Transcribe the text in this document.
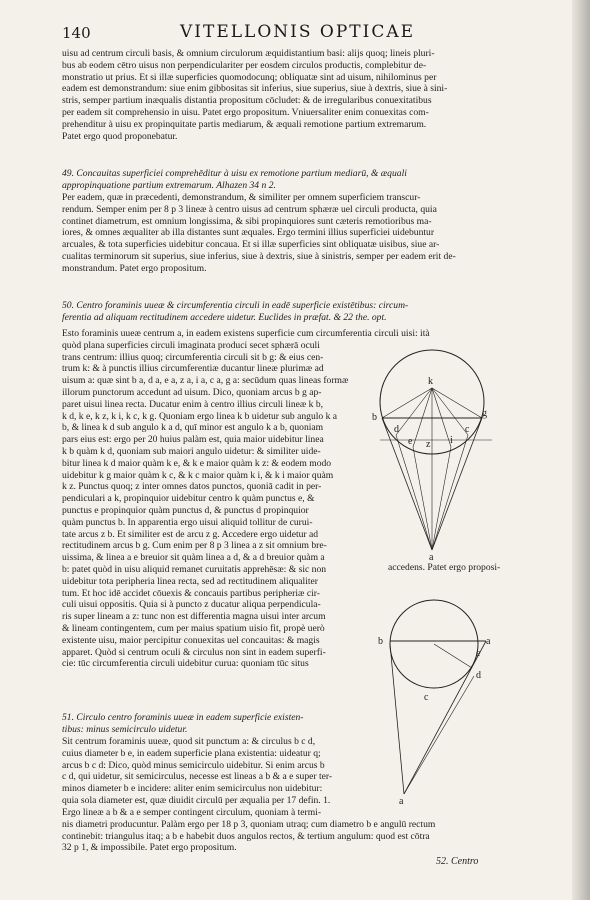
140	VITELLONIS OPTICAE
uisu ad centrum circuli basis, & omnium circulorum æquidistantium basi: alijs quoq; lineis pluri-
bus ab eodem cētro uisus non perpendiculariter per eosdem circulos productis, complebitur de-
monstratio ut prius. Et si illæ superficies quomodocunq; obliquatæ sint ad uisum, nihilominus per
eadem est demonstrandum: siue enim gibbositas sit inferius, siue superius, siue à dextris, siue à sini-
stris, semper partium inæqualis distantia propositum cōcludet: & de irregularibus conuexitatibus
per eadem sit comprehensio in uisu. Patet ergo propositum. Vniuersaliter enim conuexitas com-
prehenditur à uisu ex propinquitate partis mediarum, & æquali remotione partium extremarum.
Patet ergo quod proponebatur.
49. Concauitas superficiei comprehēditur à uisu ex remotione partium mediarū, & æquali
appropinquatione partium extremarum. Alhazen 34 n 2.
Per eadem, quæ in præcedenti, demonstrandum, & similiter per omnem superficiem transcur-
rendum. Semper enim per 8 p 3 lineæ à centro uisus ad centrum sphæræ uel circuli producta, quia
continet diametrum, est omnium longissima, & sibi propinquiores sunt cæteris remotioribus ma-
iores, & omnes æqualiter ab illa distantes sunt æquales. Ergo termini illius superficiei uidebuntur
arcuales, & tota superficies uidebitur concaua. Et si illæ superficies sint obliquatæ uisibus, siue ar-
cualitas terminorum sit superius, siue inferius, siue à dextris, siue à sinistris, semper per eadem erit de-
monstrandum. Patet ergo propositum.
50. Centro foraminis uueæ & circumferentia circuli in eadē superficie existētibus: circum-
ferentia ad aliquam rectitudinem accedere uidetur. Euclides in præfat. & 22 the. opt.
Esto foraminis uueæ centrum a, in eadem existens superficie cum circumferentia circuli uisi: ità
quòd plana superficies circuli imaginata produci secet sphærā oculi
trans centrum: illius quoq; circumferentia circuli sit b g: & eius cen-
trum k: & à punctis illius circumferentiæ ducantur lineæ plurimæ ad
uisum a: quæ sint b a, d a, e a, z a, i a, c a, g a: secūdum quas lineas formæ
illorum punctorum accedunt ad uisum. Dico, quoniam arcus b g ap-
paret uisui linea recta. Ducatur enim à centro illius circuli lineæ k b,
k d, k e, k z, k i, k c, k g. Quoniam ergo linea k b uidetur sub angulo k a
b, & linea k d sub angulo k a d, quī minor est angulo k a b, quoniam
pars eius est: ergo per 20 huius palàm est, quia maior uidebitur linea
k b quàm k d, quoniam sub maiori angulo uidetur: & similiter uide-
bitur linea k d maior quàm k e, & k e maior quàm k z: & eodem modo
uidebitur k g maior quàm k c, & k c maior quàm k i, & k i maior quàm
k z. Punctus quoq; z inter omnes datos punctos, quoniā cadit in per-
pendiculari a k, propinquior uidebitur centro k quàm punctus e, &
punctus e propinquior quàm punctus d, & punctus d propinquior
quàm punctus b. In apparentia ergo uisui aliquid tollitur de curui-
tate arcus z b. Et similiter est de arcu z g. Accedere ergo uidetur ad
rectitudinem arcus b g. Cum enim per 8 p 3 linea a z sit omnium bre-
uissima, & linea a e breuior sit quàm linea a d, & a d breuior quàm a
b: patet quòd in uisu aliquid remanet curuitatis apprehēsæ: & sic non
uidebitur tota peripheria linea recta, sed ad rectitudinem aliqualiter
tum. Et hoc idē accidet cōuexis & concauis partibus peripheriæ cir-
culi uisui oppositis. Quia si à puncto z ducatur aliqua perpendicula-
ris super lineam a z: tunc non est differentia magna uisui inter arcum
& lineam contingentem, cum per maius spatium uisio fit, propè uerò
existente uisu, maior percipitur conuexitas uel concauitas: & magis
apparet. Quòd si centrum oculi & circulus non sint in eadem superfi-
cie: tūc circumferentia circuli uidebitur curua: quoniam tūc situs
accedens. Patet ergo proposi-
51. Circulo centro foraminis uueæ in eadem superficie existen-
tibus: minus semicirculo uidetur.
Sit centrum foraminis uueæ, quod sit punctum a: & circulus b c d,
cuius diameter b e, in eadem superficie plana existentia: uideatur q;
arcus b c d: Dico, quòd minus semicirculo uidebitur. Si enim arcus b
c d, qui uidetur, sit semicirculus, necesse est lineas a b & a e super ter-
minos diameter b e incidere: aliter enim semicirculus non uidebitur:
quia sola diameter est, quæ diuidit circulū per æqualia per 17 defin. 1.
Ergo lineæ a b & a e semper contingent circulum, quoniam à termi-
nis diametri producuntur. Palàm ergo per 18 p 3, quoniam utraq; cum diametro b e angulū rectum
continebit: triangulus itaq; a b e habebit duos angulos rectos, & tertium angulum: quod est cōtra
32 p 1, & impossibile. Patet ergo propositum.
52. Centro
k
b
d
e z i
c
g
a
b	a
d
e
c
a
